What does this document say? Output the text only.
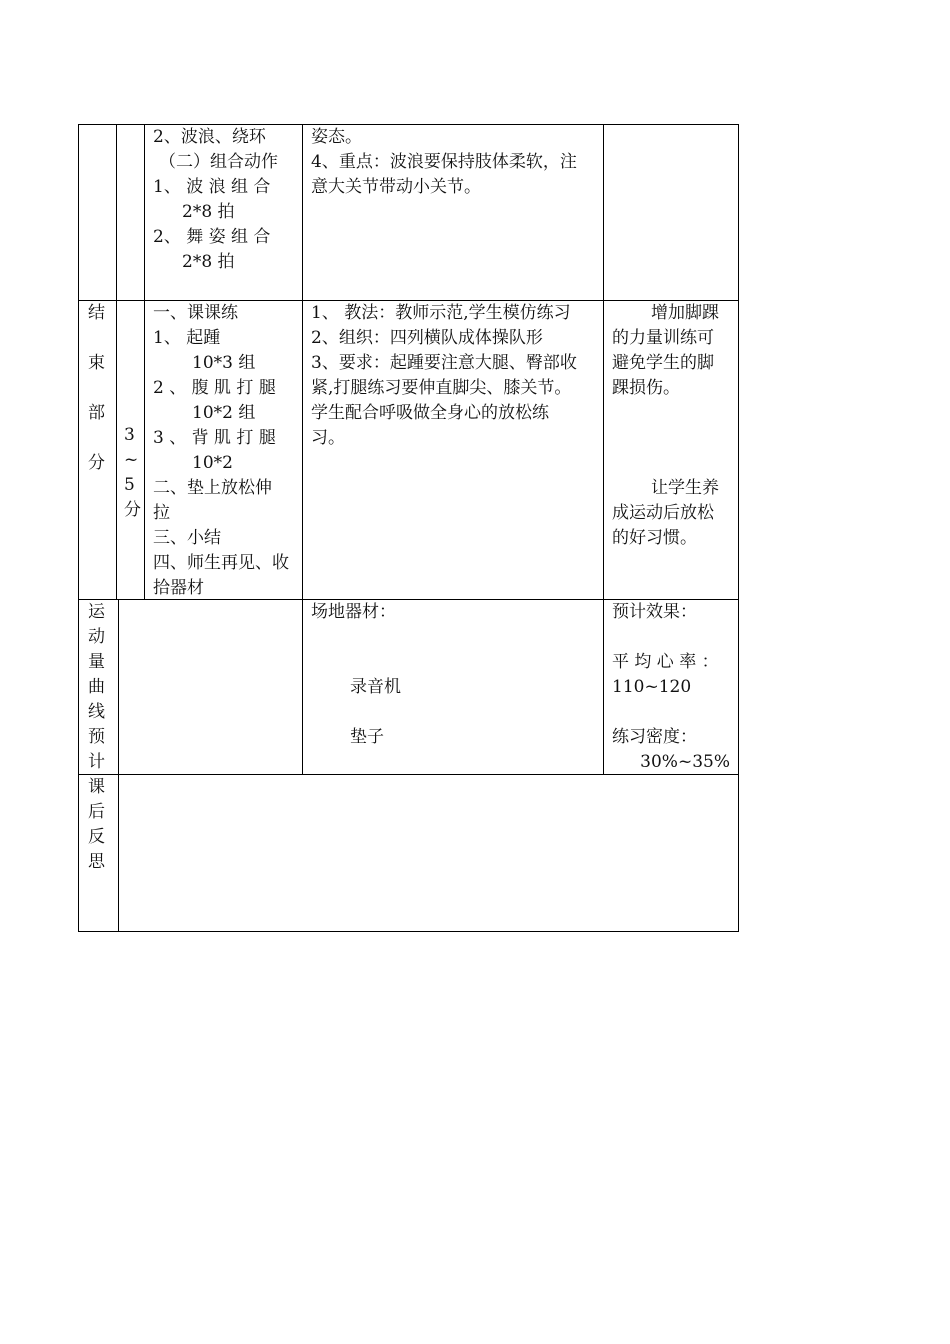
2、波浪、绕环
（二）组合动作
1、 波 浪 组 合
2*8 拍
2、 舞 姿 组 合
2*8 拍
姿态。
4、重点：波浪要保持肢体柔软，注
意大关节带动小关节。
结
束
部
分
3
~
5
分
一、课课练
1、 起踵
10*3 组
2 、 腹 肌 打 腿
10*2 组
3 、 背 肌 打 腿
10*2
二、垫上放松伸
拉
三、小结
四、师生再见、收
拾器材
1、 教法：教师示范,学生模仿练习
2、组织：四列横队成体操队形
3、要求：起踵要注意大腿、臀部收
紧,打腿练习要伸直脚尖、膝关节。
学生配合呼吸做全身心的放松练
习。
增加脚踝
的力量训练可
避免学生的脚
踝损伤。
让学生养
成运动后放松
的好习惯。
运
动
量
曲
线
预
计
场地器材：
录音机
垫子
预计效果：
平 均 心 率 ：
110~120
练习密度：
30%~35%
课
后
反
思
